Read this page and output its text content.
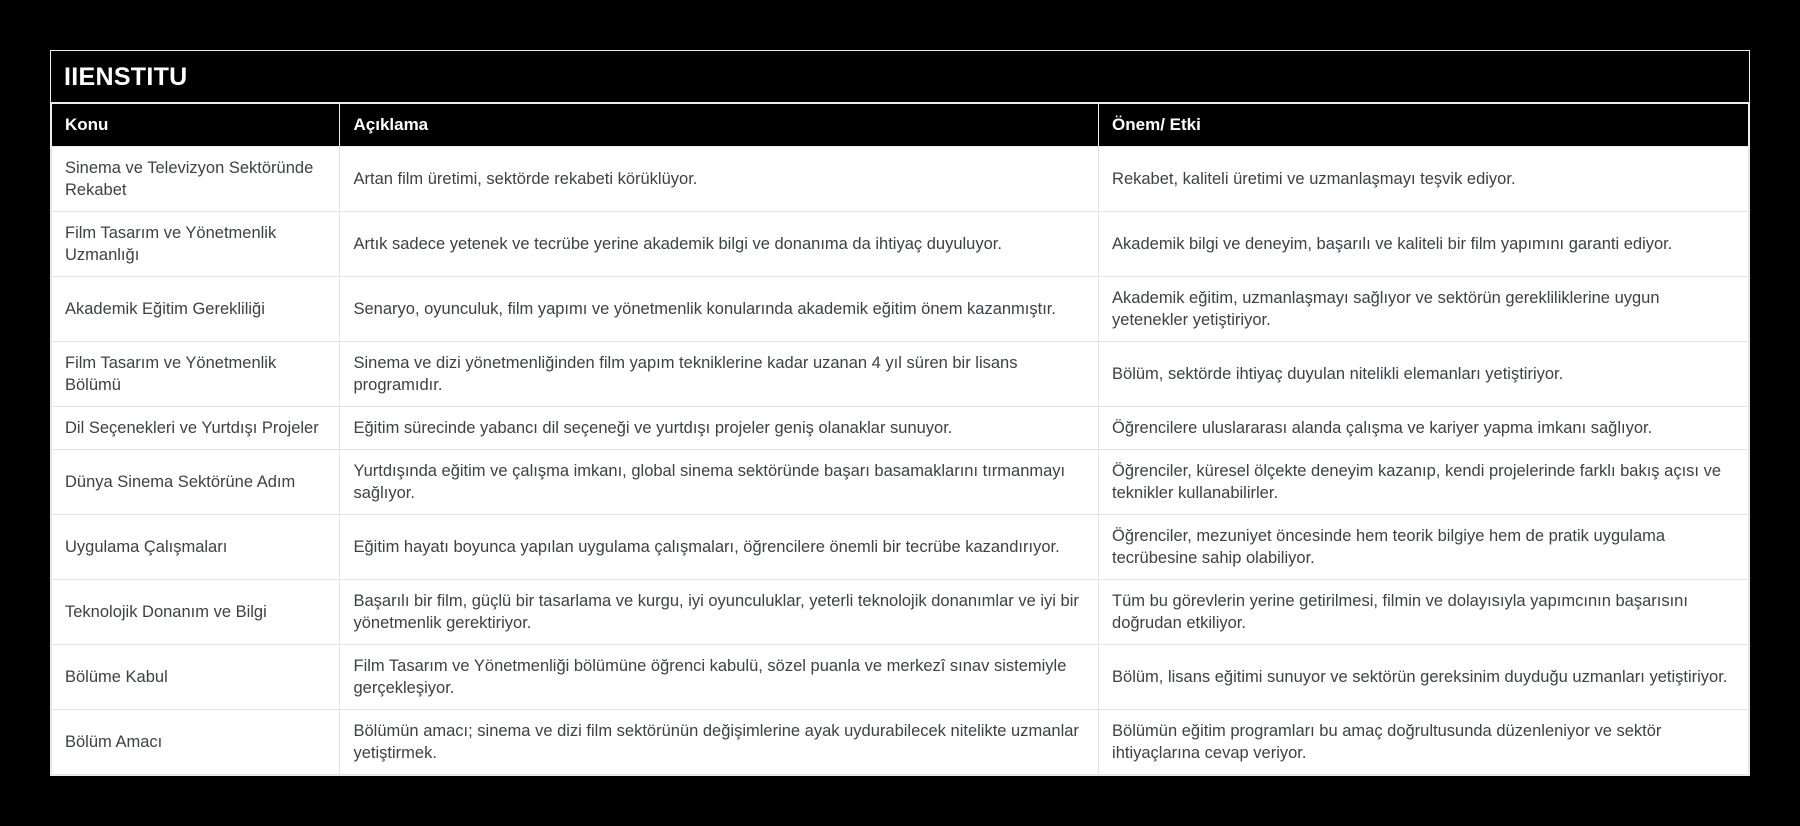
IIENSTITU
Konu	Açıklama	Önem/ Etki
Sinema ve Televizyon Sektöründe Rekabet	Artan film üretimi, sektörde rekabeti körüklüyor.	Rekabet, kaliteli üretimi ve uzmanlaşmayı teşvik ediyor.
Film Tasarım ve Yönetmenlik Uzmanlığı	Artık sadece yetenek ve tecrübe yerine akademik bilgi ve donanıma da ihtiyaç duyuluyor.	Akademik bilgi ve deneyim, başarılı ve kaliteli bir film yapımını garanti ediyor.
Akademik Eğitim Gerekliliği	Senaryo, oyunculuk, film yapımı ve yönetmenlik konularında akademik eğitim önem kazanmıştır.	Akademik eğitim, uzmanlaşmayı sağlıyor ve sektörün gerekliliklerine uygun yetenekler yetiştiriyor.
Film Tasarım ve Yönetmenlik Bölümü	Sinema ve dizi yönetmenliğinden film yapım tekniklerine kadar uzanan 4 yıl süren bir lisans programıdır.	Bölüm, sektörde ihtiyaç duyulan nitelikli elemanları yetiştiriyor.
Dil Seçenekleri ve Yurtdışı Projeler	Eğitim sürecinde yabancı dil seçeneği ve yurtdışı projeler geniş olanaklar sunuyor.	Öğrencilere uluslararası alanda çalışma ve kariyer yapma imkanı sağlıyor.
Dünya Sinema Sektörüne Adım	Yurtdışında eğitim ve çalışma imkanı, global sinema sektöründe başarı basamaklarını tırmanmayı sağlıyor.	Öğrenciler, küresel ölçekte deneyim kazanıp, kendi projelerinde farklı bakış açısı ve teknikler kullanabilirler.
Uygulama Çalışmaları	Eğitim hayatı boyunca yapılan uygulama çalışmaları, öğrencilere önemli bir tecrübe kazandırıyor.	Öğrenciler, mezuniyet öncesinde hem teorik bilgiye hem de pratik uygulama tecrübesine sahip olabiliyor.
Teknolojik Donanım ve Bilgi	Başarılı bir film, güçlü bir tasarlama ve kurgu, iyi oyunculuklar, yeterli teknolojik donanımlar ve iyi bir yönetmenlik gerektiriyor.	Tüm bu görevlerin yerine getirilmesi, filmin ve dolayısıyla yapımcının başarısını doğrudan etkiliyor.
Bölüme Kabul	Film Tasarım ve Yönetmenliği bölümüne öğrenci kabulü, sözel puanla ve merkezî sınav sistemiyle gerçekleşiyor.	Bölüm, lisans eğitimi sunuyor ve sektörün gereksinim duyduğu uzmanları yetiştiriyor.
Bölüm Amacı	Bölümün amacı; sinema ve dizi film sektörünün değişimlerine ayak uydurabilecek nitelikte uzmanlar yetiştirmek.	Bölümün eğitim programları bu amaç doğrultusunda düzenleniyor ve sektör ihtiyaçlarına cevap veriyor.
